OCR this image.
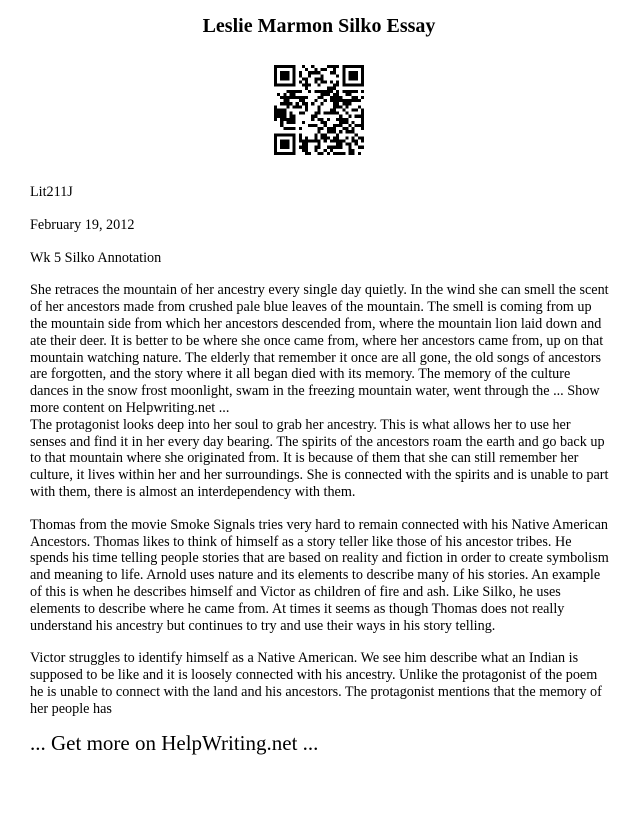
Leslie Marmon Silko Essay

Lit211J

February 19, 2012

Wk 5 Silko Annotation

She retraces the mountain of her ancestry every single day quietly. In the wind she can smell the scent of her ancestors made from crushed pale blue leaves of the mountain. The smell is coming from up the mountain side from which her ancestors descended from, where the mountain lion laid down and ate their deer. It is better to be where she once came from, where her ancestors came from, up on that mountain watching nature. The elderly that remember it once are all gone, the old songs of ancestors are forgotten, and the story where it all began died with its memory. The memory of the culture dances in the snow frost moonlight, swam in the freezing mountain water, went through the ... Show more content on Helpwriting.net ...

The protagonist looks deep into her soul to grab her ancestry. This is what allows her to use her senses and find it in her every day bearing. The spirits of the ancestors roam the earth and go back up to that mountain where she originated from. It is because of them that she can still remember her culture, it lives within her and her surroundings. She is connected with the spirits and is unable to part with them, there is almost an interdependency with them.

Thomas from the movie Smoke Signals tries very hard to remain connected with his Native American Ancestors. Thomas likes to think of himself as a story teller like those of his ancestor tribes. He spends his time telling people stories that are based on reality and fiction in order to create symbolism and meaning to life. Arnold uses nature and its elements to describe many of his stories. An example of this is when he describes himself and Victor as children of fire and ash. Like Silko, he uses elements to describe where he came from. At times it seems as though Thomas does not really understand his ancestry but continues to try and use their ways in his story telling.

Victor struggles to identify himself as a Native American. We see him describe what an Indian is supposed to be like and it is loosely connected with his ancestry. Unlike the protagonist of the poem he is unable to connect with the land and his ancestors. The protagonist mentions that the memory of her people has

... Get more on HelpWriting.net ...
